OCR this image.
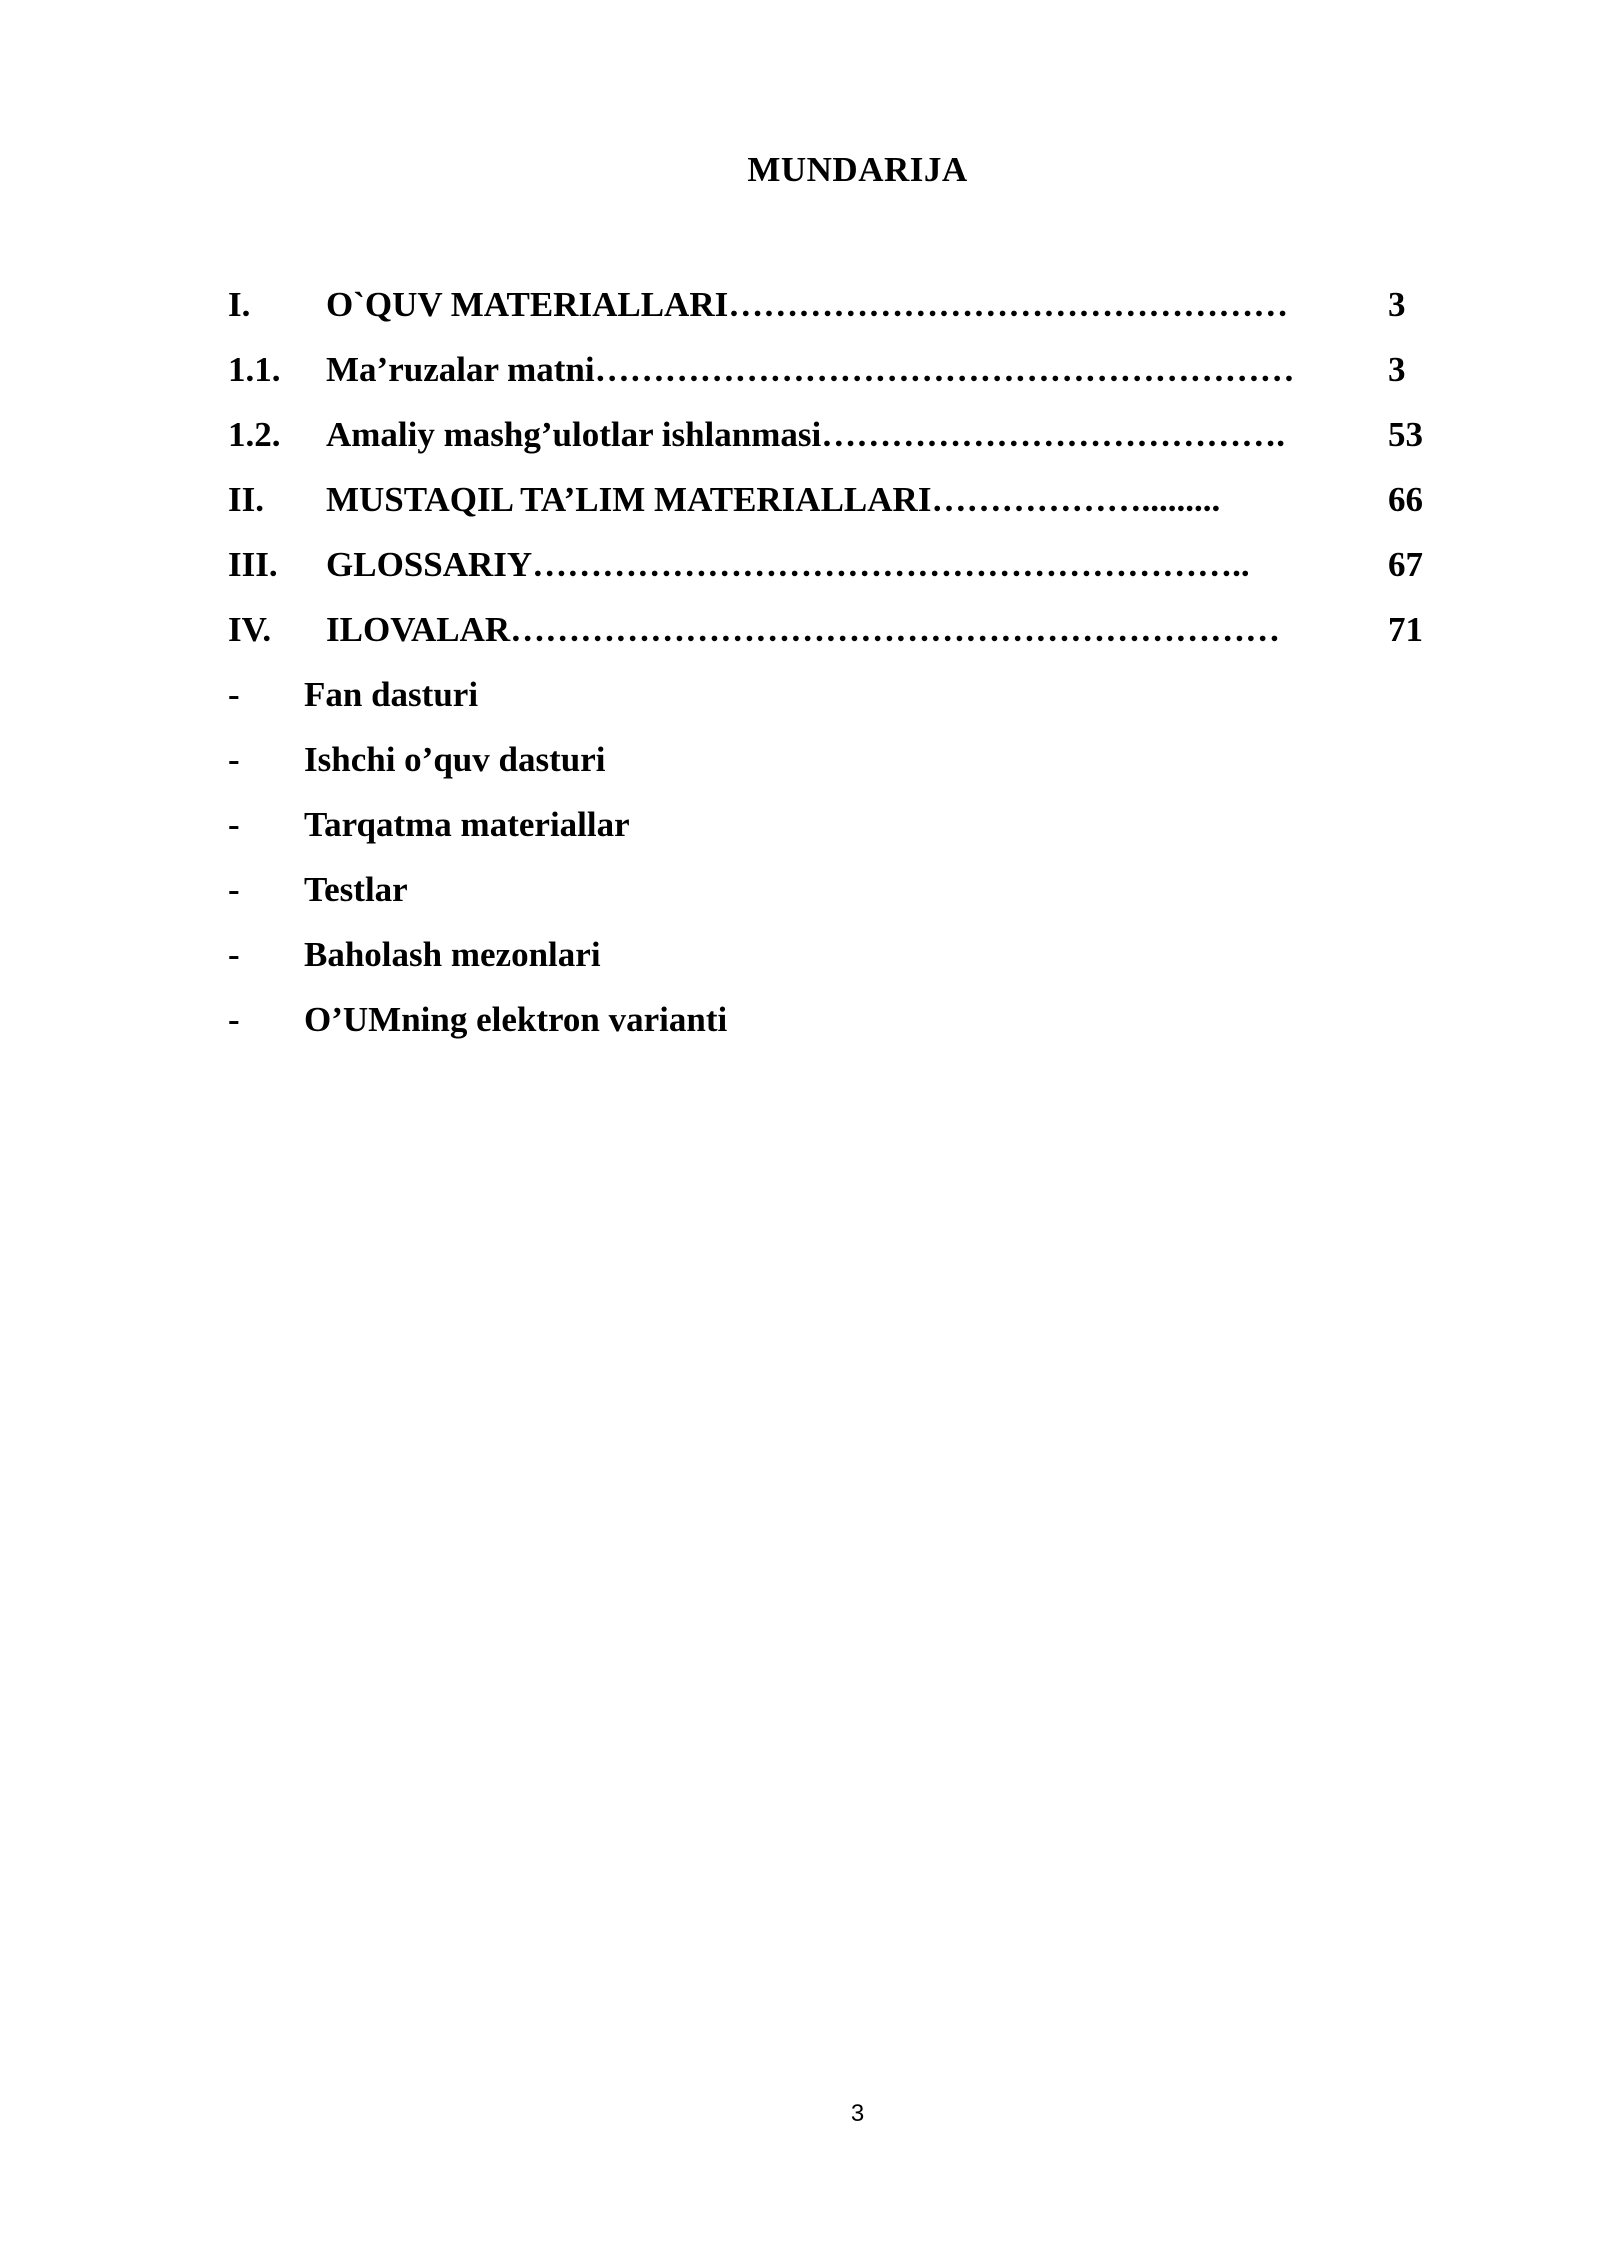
MUNDARIJA
I. O`QUV MATERIALLARI…………………………………………	3
1.1. Ma’ruzalar matni……………………………………………………	3
1.2. Amaliy mashg’ulotlar ishlanmasi………………………………….	53
II. MUSTAQIL TA’LIM MATERIALLARI……………….........	66
III. GLOSSARIY……………………………………………………..	67
IV. ILOVALAR…………………………………………………………	71
- Fan dasturi
- Ishchi o’quv dasturi
- Tarqatma materiallar
- Testlar
- Baholash mezonlari
- O’UMning elektron varianti
3
